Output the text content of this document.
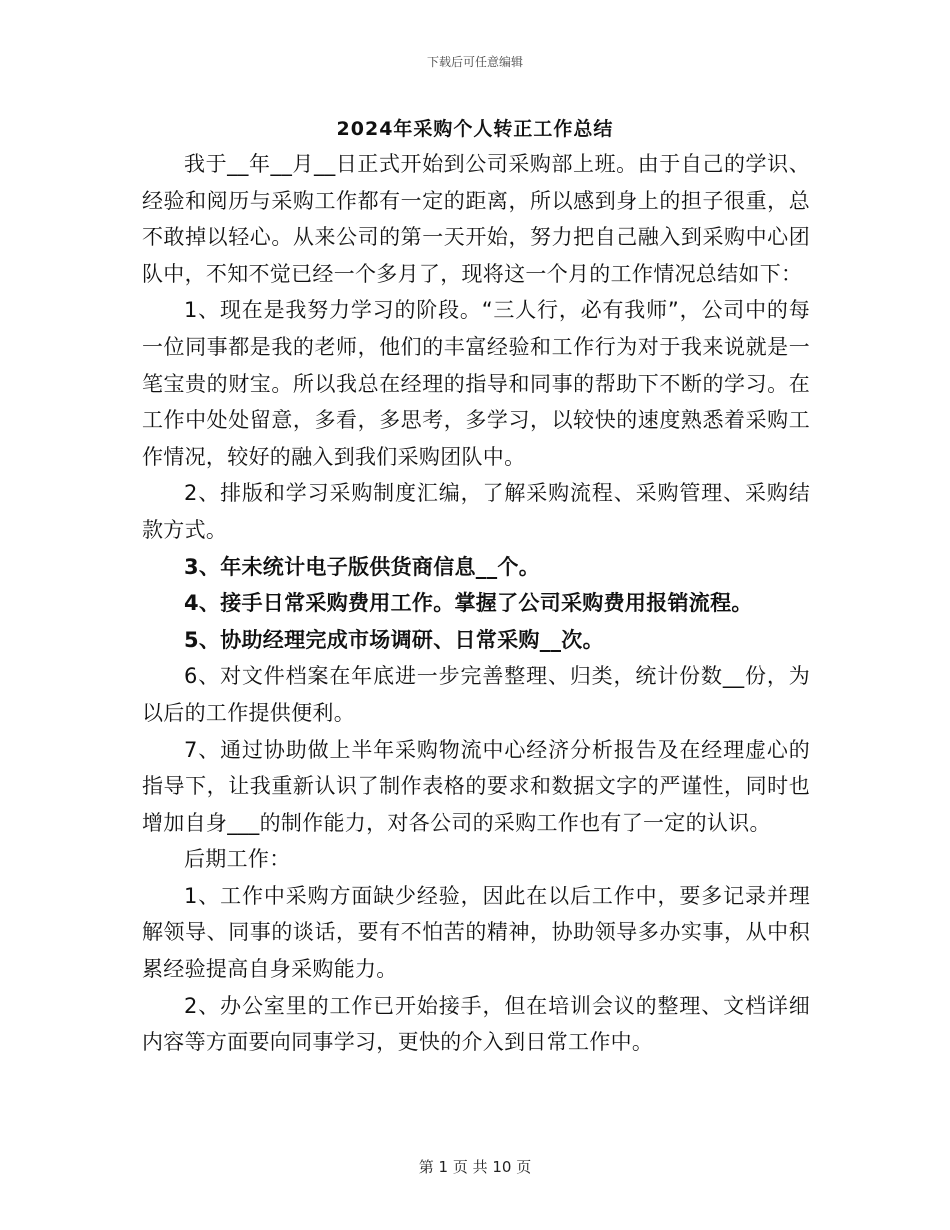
下载后可任意编辑
2024年采购个人转正工作总结

我于__年__月__日正式开始到公司采购部上班。由于自己的学识、经验和阅历与采购工作都有一定的距离，所以感到身上的担子很重，总不敢掉以轻心。从来公司的第一天开始，努力把自己融入到采购中心团队中，不知不觉已经一个多月了，现将这一个月的工作情况总结如下：

1、现在是我努力学习的阶段。“三人行，必有我师”，公司中的每一位同事都是我的老师，他们的丰富经验和工作行为对于我来说就是一笔宝贵的财宝。所以我总在经理的指导和同事的帮助下不断的学习。在工作中处处留意，多看，多思考，多学习，以较快的速度熟悉着采购工作情况，较好的融入到我们采购团队中。

2、排版和学习采购制度汇编，了解采购流程、采购管理、采购结款方式。

3、年未统计电子版供货商信息__个。

4、接手日常采购费用工作。掌握了公司采购费用报销流程。

5、协助经理完成市场调研、日常采购__次。

6、对文件档案在年底进一步完善整理、归类，统计份数__份，为以后的工作提供便利。

7、通过协助做上半年采购物流中心经济分析报告及在经理虚心的指导下，让我重新认识了制作表格的要求和数据文字的严谨性，同时也增加自身___的制作能力，对各公司的采购工作也有了一定的认识。

后期工作：

1、工作中采购方面缺少经验，因此在以后工作中，要多记录并理解领导、同事的谈话，要有不怕苦的精神，协助领导多办实事，从中积累经验提高自身采购能力。

2、办公室里的工作已开始接手，但在培训会议的整理、文档详细内容等方面要向同事学习，更快的介入到日常工作中。

第 1 页 共 10 页
